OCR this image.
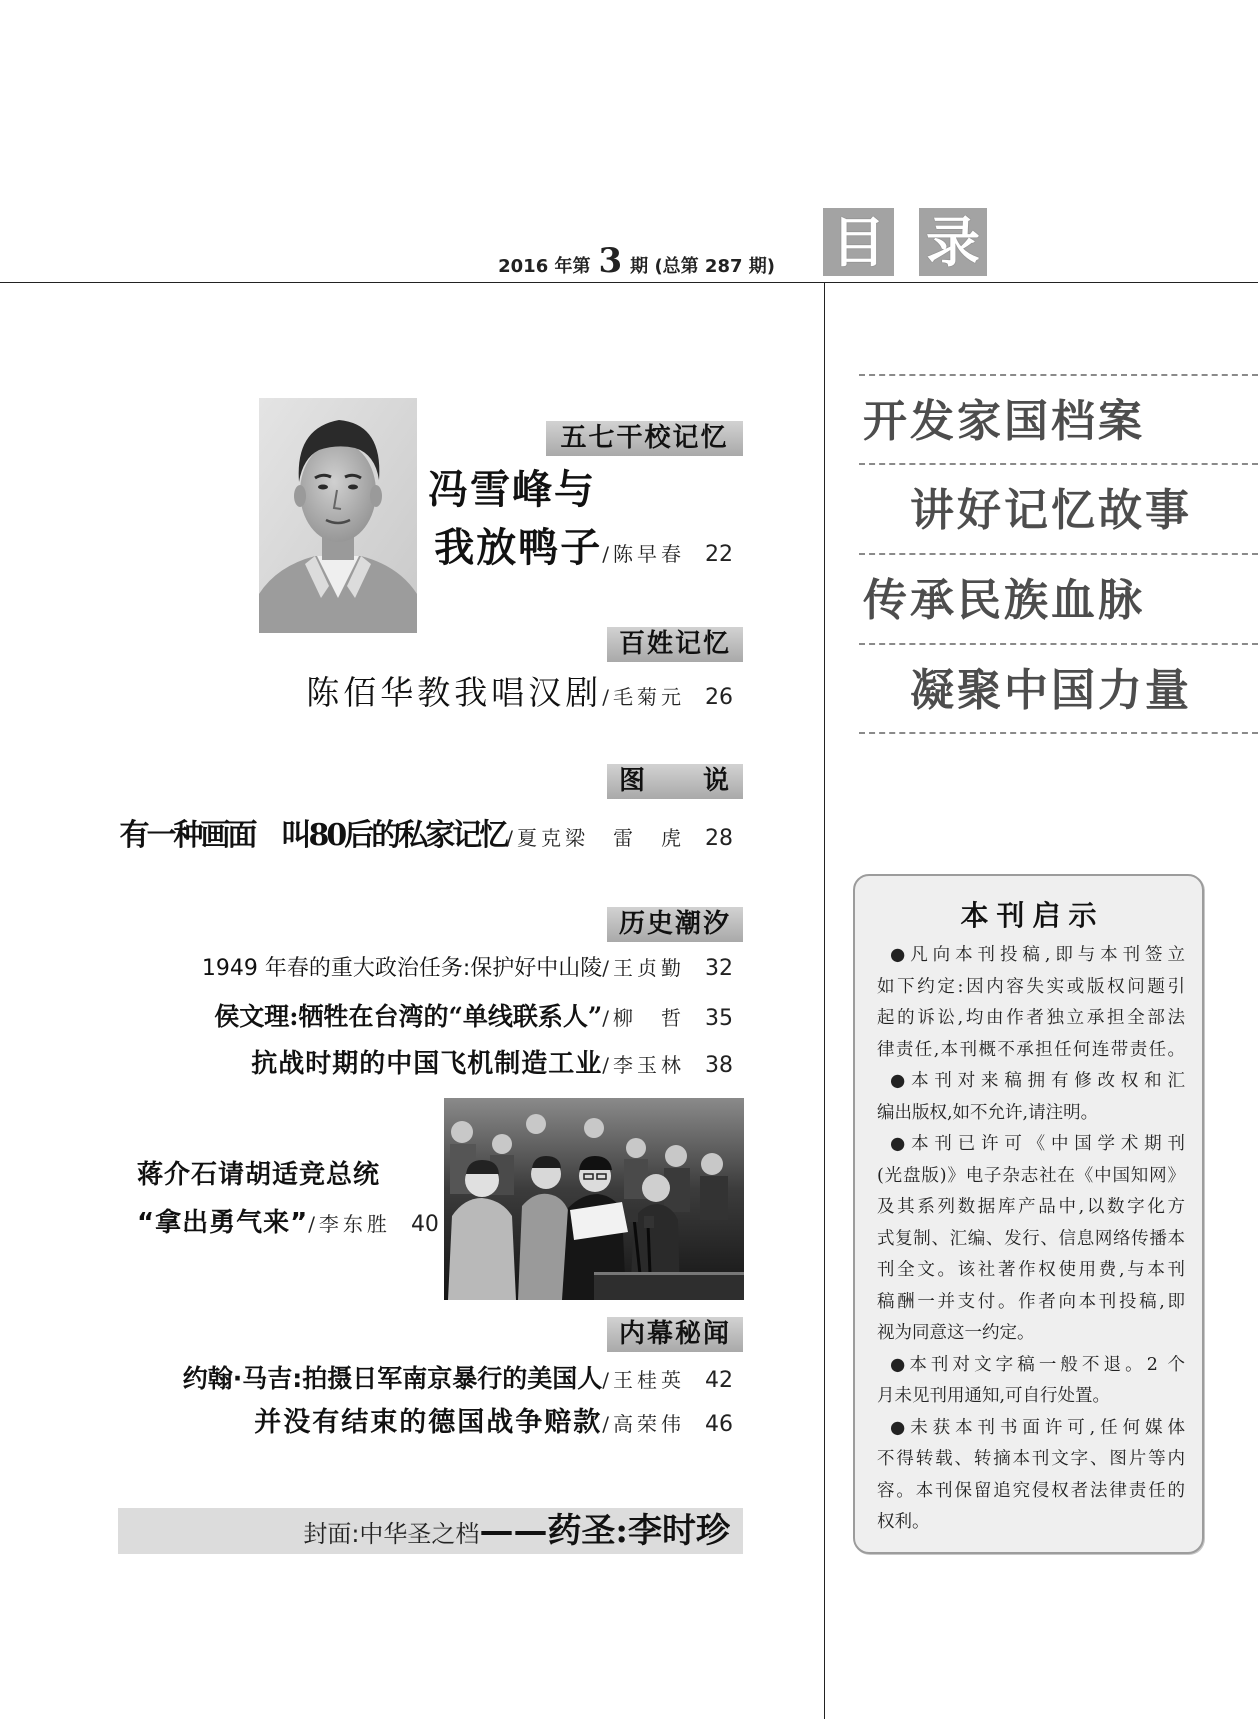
2016 年第 3 期 (总第 287 期) 目 录
开发家国档案
讲好记忆故事
传承民族血脉
凝聚中国力量
本刊启示
●凡向本刊投稿,即与本刊签立
如下约定:因内容失实或版权问题引
起的诉讼,均由作者独立承担全部法
律责任,本刊概不承担任何连带责任。
●本刊对来稿拥有修改权和汇
编出版权,如不允许,请注明。
●本刊已许可《中国学术期刊
(光盘版)》电子杂志社在《中国知网》
及其系列数据库产品中,以数字化方
式复制、汇编、发行、信息网络传播本
刊全文。该社著作权使用费,与本刊
稿酬一并支付。作者向本刊投稿,即
视为同意这一约定。
●本刊对文字稿一般不退。2 个
月未见刊用通知,可自行处置。
●未获本刊书面许可,任何媒体
不得转载、转摘本刊文字、图片等内
容。本刊保留追究侵权者法律责任的
权利。
五七干校记忆
冯雪峰与
我放鸭子 /陈早春 22
百姓记忆
陈佰华教我唱汉剧 /毛菊元 26
图　　说
有一种画面　叫80后的私家记忆 /夏克梁　雷　虎 28
历史潮汐
1949 年春的重大政治任务:保护好中山陵 /王贞勤 32
侯文理:牺牲在台湾的“单线联系人” /柳　哲 35
抗战时期的中国飞机制造工业 /李玉林 38
蒋介石请胡适竞总统
“拿出勇气来” /李东胜 40
内幕秘闻
约翰·马吉:拍摄日军南京暴行的美国人 /王桂英 42
并没有结束的德国战争赔款 /高荣伟 46
封面:中华圣之档——药圣:李时珍
